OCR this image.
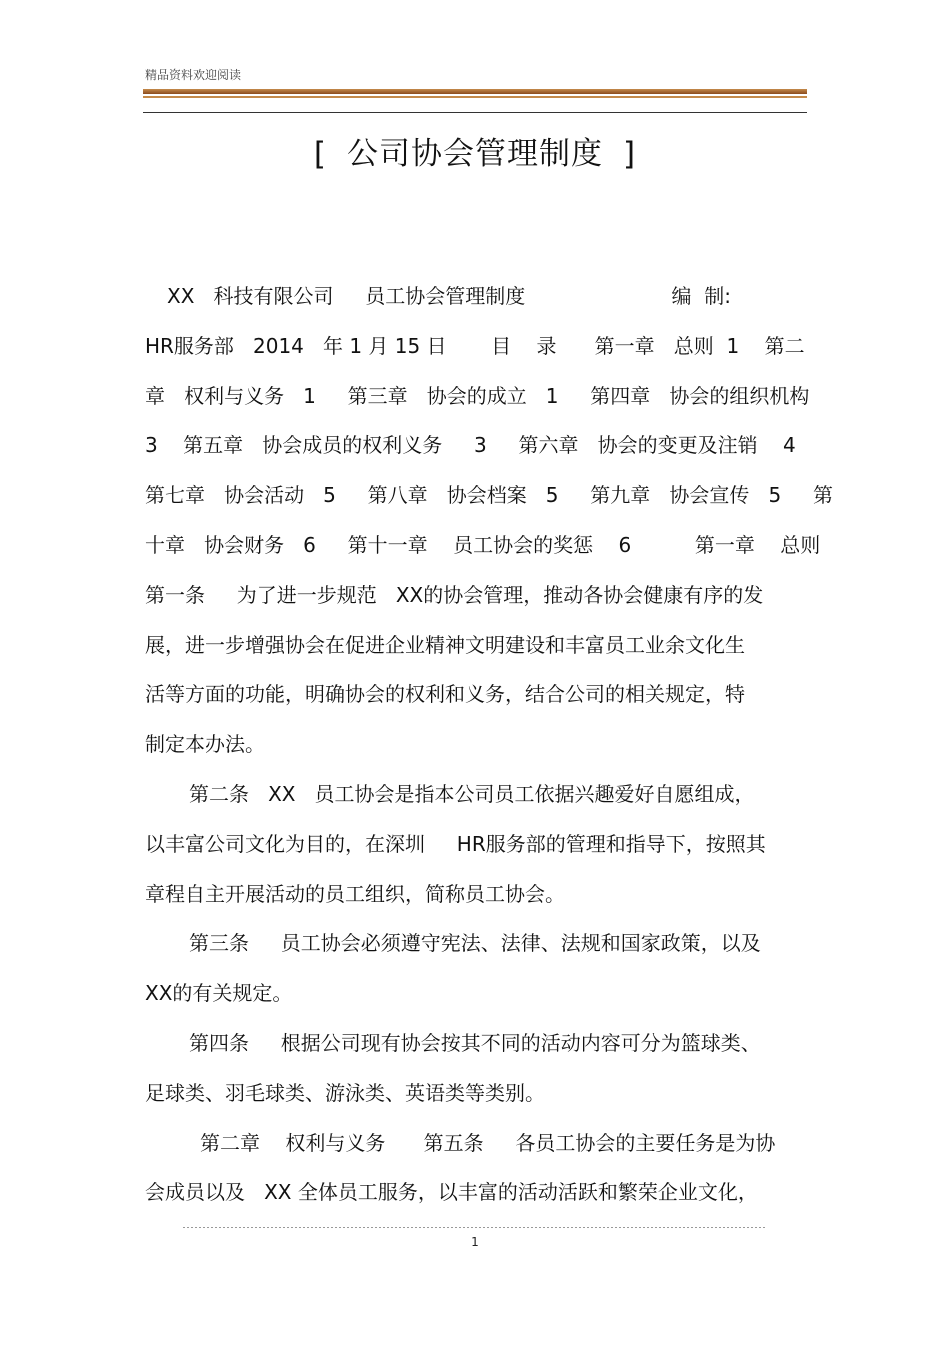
精品资料欢迎阅读
[ 公司协会管理制度 ]
XX   科技有限公司     员工协会管理制度                       编  制:
HR服务部   2014   年 1 月 15 日       目    录      第一章   总则  1    第二
章   权利与义务   1     第三章   协会的成立   1     第四章   协会的组织机构
3    第五章   协会成员的权利义务     3     第六章   协会的变更及注销    4
第七章   协会活动   5     第八章   协会档案   5     第九章   协会宣传   5     第
十章   协会财务   6     第十一章    员工协会的奖惩    6          第一章    总则
第一条     为了进一步规范   XX的协会管理，推动各协会健康有序的发
展，进一步增强协会在促进企业精神文明建设和丰富员工业余文化生
活等方面的功能，明确协会的权利和义务，结合公司的相关规定，特
制定本办法。
第二条   XX   员工协会是指本公司员工依据兴趣爱好自愿组成，
以丰富公司文化为目的，在深圳     HR服务部的管理和指导下，按照其
章程自主开展活动的员工组织，简称员工协会。
第三条     员工协会必须遵守宪法、法律、法规和国家政策，以及
XX的有关规定。
第四条     根据公司现有协会按其不同的活动内容可分为篮球类、
足球类、羽毛球类、游泳类、英语类等类别。
第二章    权利与义务      第五条     各员工协会的主要任务是为协
会成员以及   XX 全体员工服务，以丰富的活动活跃和繁荣企业文化，
1
